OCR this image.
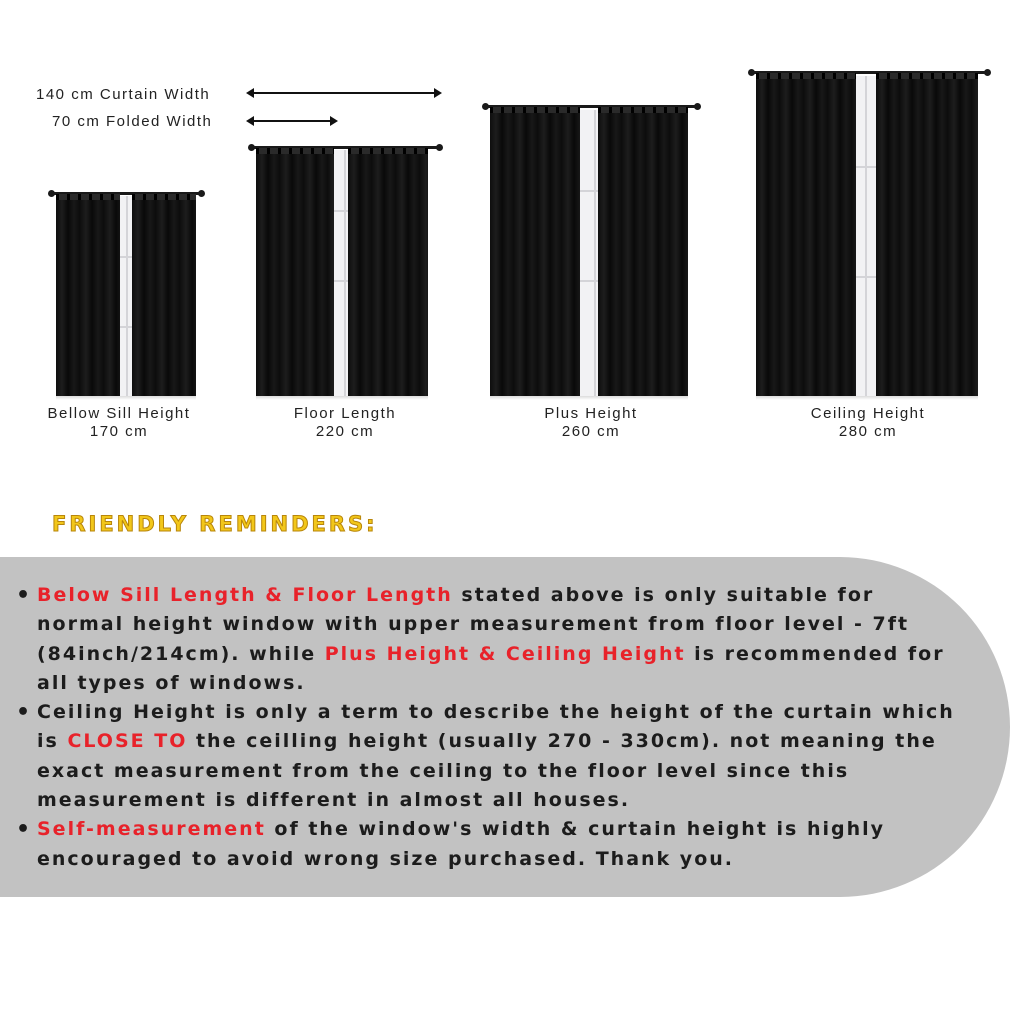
140 cm Curtain Width
70 cm Folded Width
Bellow Sill Height
170 cm
Floor Length
220 cm
Plus Height
260 cm
Ceiling Height
280 cm
FRIENDLY REMINDERS:
• Below Sill Length & Floor Length stated above is only suitable for normal height window with upper measurement from floor level - 7ft (84inch/214cm). while Plus Height & Ceiling Height is recommended for all types of windows.
• Ceiling Height is only a term to describe the height of the curtain which is CLOSE TO the ceilling height (usually 270 - 330cm). not meaning the exact measurement from the ceiling to the floor level since this measurement is different in almost all houses.
• Self-measurement of the window's width & curtain height is highly encouraged to avoid wrong size purchased. Thank you.
